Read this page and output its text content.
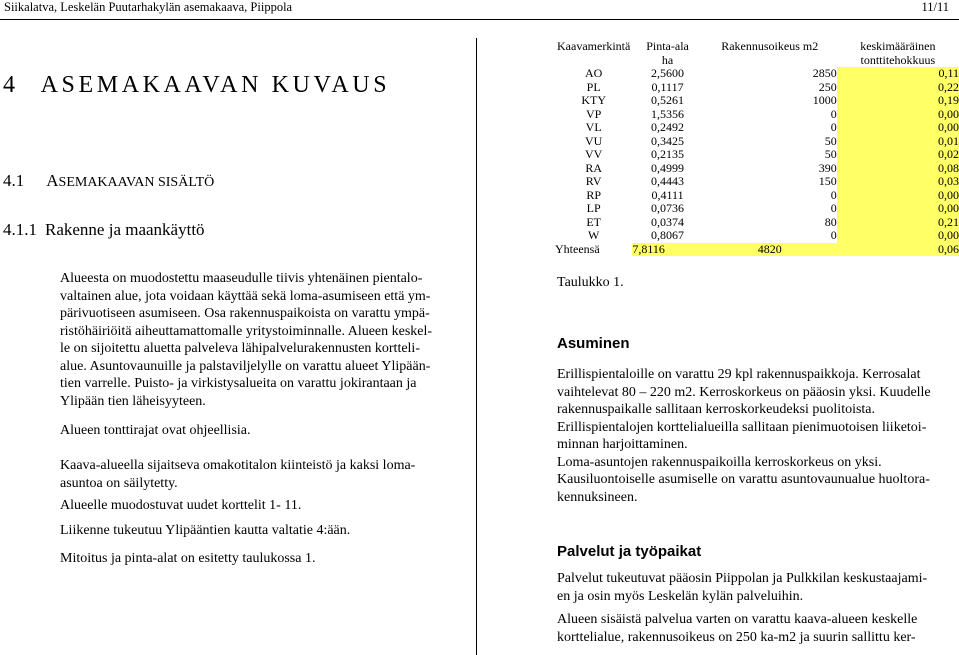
Siikalatva, Leskelän Puutarhakylän asemakaava, Piippola	11/11
4 ASEMAKAAVAN KUVAUS
4.1 ASEMAKAAVAN SISÄLTÖ
4.1.1 Rakenne ja maankäyttö
Alueesta on muodostettu maaseudulle tiivis yhtenäinen pientalo-
valtainen alue, jota voidaan käyttää sekä loma-asumiseen että ym-
pärivuotiseen asumiseen. Osa rakennuspaikoista on varattu ympä-
ristöhäiriöitä aiheuttamattomalle yritystoiminnalle. Alueen keskel-
le on sijoitettu aluetta palveleva lähipalvelurakennusten kortteli-
alue. Asuntovaunuille ja palstaviljelylle on varattu alueet Ylipään-
tien varrelle. Puisto- ja virkistysalueita on varattu jokirantaan ja
Ylipään tien läheisyyteen.
Alueen tonttirajat ovat ohjeellisia.
Kaava-alueella sijaitseva omakotitalon kiinteistö ja kaksi loma-
asuntoa on säilytetty.
Alueelle muodostuvat uudet korttelit 1- 11.
Liikenne tukeutuu Ylipääntien kautta valtatie 4:ään.
Mitoitus ja pinta-alat on esitetty taulukossa 1.
Kaavamerkintä	Pinta-ala	Rakennusoikeus m2	keskimääräinen
	ha		tonttitehokkuus
AO	2,5600	2850	0,11
PL	0,1117	250	0,22
KTY	0,5261	1000	0,19
VP	1,5356	0	0,00
VL	0,2492	0	0,00
VU	0,3425	50	0,01
VV	0,2135	50	0,02
RA	0,4999	390	0,08
RV	0,4443	150	0,03
RP	0,4111	0	0,00
LP	0,0736	0	0,00
ET	0,0374	80	0,21
W	0,8067	0	0,00
Yhteensä	7,8116	4820	0,06
Taulukko 1.
Asuminen
Erillispientaloille on varattu 29 kpl rakennuspaikkoja. Kerrosalat
vaihtelevat 80 – 220 m2. Kerroskorkeus on pääosin yksi. Kuudelle
rakennuspaikalle sallitaan kerroskorkeudeksi puolitoista.
Erillispientalojen korttelialueilla sallitaan pienimuotoisen liiketoi-
minnan harjoittaminen.
Loma-asuntojen rakennuspaikoilla kerroskorkeus on yksi.
Kausiluontoiselle asumiselle on varattu asuntovaunualue huoltora-
kennuksineen.
Palvelut ja työpaikat
Palvelut tukeutuvat pääosin Piippolan ja Pulkkilan keskustaajami-
en ja osin myös Leskelän kylän palveluihin.
Alueen sisäistä palvelua varten on varattu kaava-alueen keskelle
korttelialue, rakennusoikeus on 250 ka-m2 ja suurin sallittu ker-
